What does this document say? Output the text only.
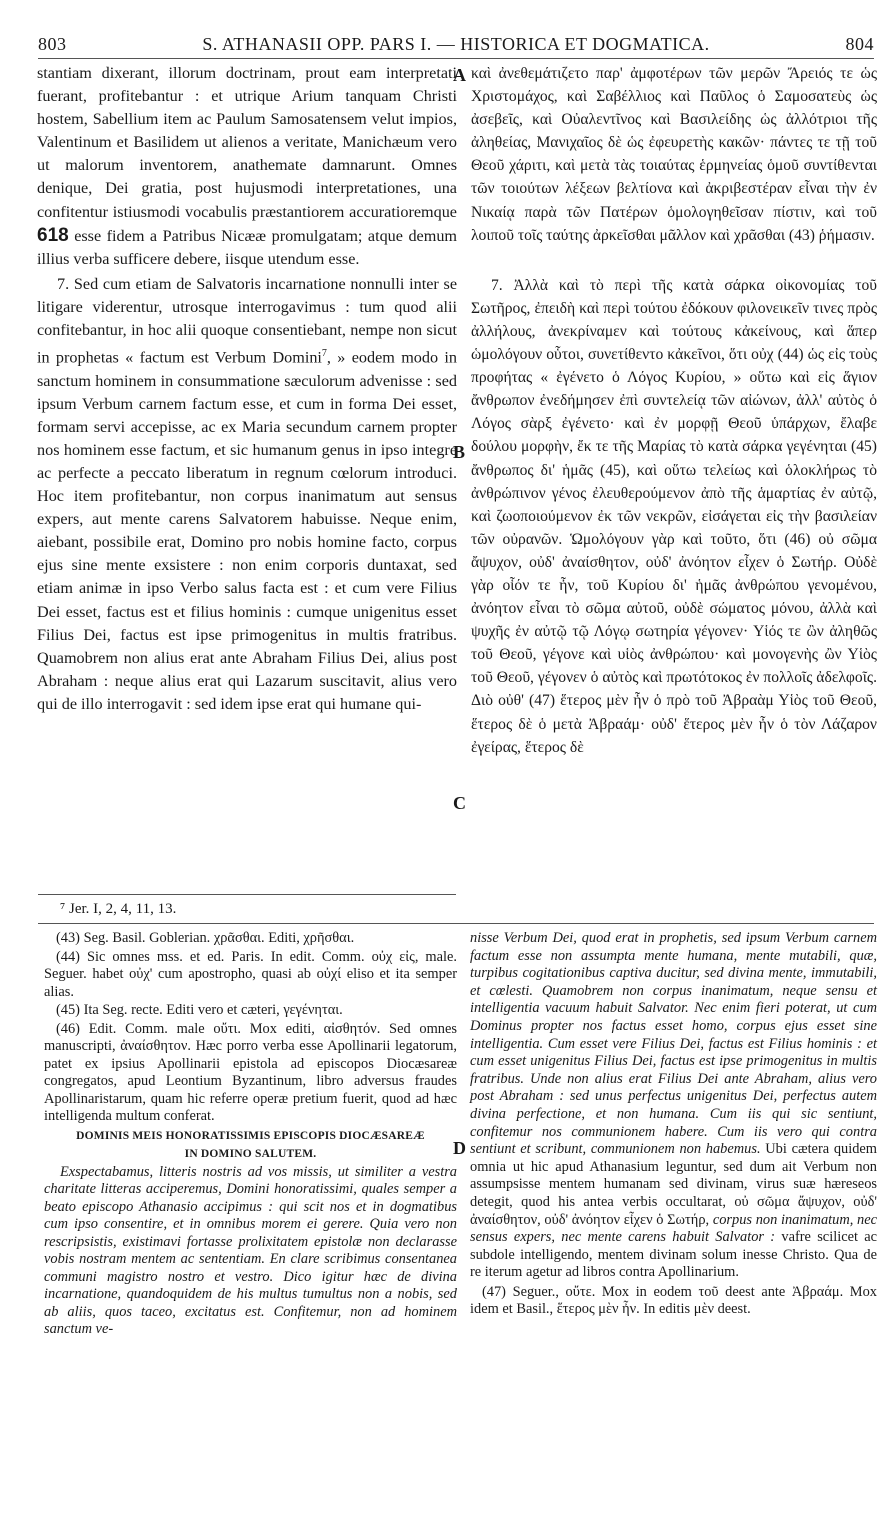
803	S. ATHANASII OPP. PARS I. — HISTORICA ET DOGMATICA.	804

stantiam dixerant, illorum doctrinam, prout eam interpretati fuerant, profitebantur : et utrique Arium tanquam Christi hostem, Sabellium item ac Paulum Samosatensem velut impios, Valentinum et Basilidem ut alienos a veritate, Manichæum vero ut malorum inventorem, anathemate damnarunt. Omnes denique, Dei gratia, post hujusmodi interpretationes, una confitentur istiusmodi vocabulis præstantiorem accuratioremque 618 esse fidem a Patribus Nicææ promulgatam; atque demum illius verba sufficere debere, iisque utendum esse.

7. Sed cum etiam de Salvatoris incarnatione nonnulli inter se litigare viderentur, utrosque interrogavimus : tum quod alii confitebantur, in hoc alii quoque consentiebant, nempe non sicut in prophetas « factum est Verbum Domini$^7$, » eodem modo in sanctum hominem in consummatione sæculorum advenisse : sed ipsum Verbum carnem factum esse, et cum in forma Dei esset, formam servi accepisse, ac ex Maria secundum carnem propter nos hominem esse factum, et sic humanum genus in ipso integre ac perfecte a peccato liberatum in regnum cœlorum introduci. Hoc item profitebantur, non corpus inanimatum aut sensus expers, aut mente carens Salvatorem habuisse. Neque enim, aiebant, possibile erat, Domino pro nobis homine facto, corpus ejus sine mente exsistere : non enim corporis duntaxat, sed etiam animæ in ipso Verbo salus facta est : et cum vere Filius Dei esset, factus est et filius hominis : cumque unigenitus esset Filius Dei, factus est ipse primogenitus in multis fratribus. Quamobrem non alius erat ante Abraham Filius Dei, alius post Abraham : neque alius erat qui Lazarum suscitavit, alius vero qui de illo interrogavit : sed idem ipse erat qui humane qui-

A
B
C
D

καὶ ἀνεθεμάτιζετο παρ' ἀμφοτέρων τῶν μερῶν Ἄρειός τε ὡς Χριστομάχος, καὶ Σαβέλλιος καὶ Παῦλος ὁ Σαμοσατεὺς ὡς ἀσεβεῖς, καὶ Οὐαλεντῖνος καὶ Βασιλείδης ὡς ἀλλότριοι τῆς ἀληθείας, Μανιχαῖος δὲ ὡς ἐφευρετὴς κακῶν· πάντες τε τῇ τοῦ Θεοῦ χάριτι, καὶ μετὰ τὰς τοιαύτας ἑρμηνείας ὁμοῦ συντίθενται τῶν τοιούτων λέξεων βελτίονα καὶ ἀκριβεστέραν εἶναι τὴν ἐν Νικαίᾳ παρὰ τῶν Πατέρων ὁμολογηθεῖσαν πίστιν, καὶ τοῦ λοιποῦ τοῖς ταύτης ἀρκεῖσθαι μᾶλλον καὶ χρᾶσθαι (43) ῥήμασιν.

7. Ἀλλὰ καὶ τὸ περὶ τῆς κατὰ σάρκα οἰκονομίας τοῦ Σωτῆρος, ἐπειδὴ καὶ περὶ τούτου ἐδόκουν φιλονεικεῖν τινες πρὸς ἀλλήλους, ἀνεκρίναμεν καὶ τούτους κἀκείνους, καὶ ἅπερ ὡμολόγουν οὗτοι, συνετίθεντο κἀκεῖνοι, ὅτι οὐχ (44) ὡς εἰς τοὺς προφήτας « ἐγένετο ὁ Λόγος Κυρίου, » οὕτω καὶ εἰς ἅγιον ἄνθρωπον ἐνεδήμησεν ἐπὶ συντελείᾳ τῶν αἰώνων, ἀλλ' αὐτὸς ὁ Λόγος σὰρξ ἐγένετο· καὶ ἐν μορφῇ Θεοῦ ὑπάρχων, ἔλαβε δούλου μορφὴν, ἔκ τε τῆς Μαρίας τὸ κατὰ σάρκα γεγένηται (45) ἄνθρωπος δι' ἡμᾶς (45), καὶ οὕτω τελείως καὶ ὁλοκλήρως τὸ ἀνθρώπινον γένος ἐλευθερούμενον ἀπὸ τῆς ἁμαρτίας ἐν αὐτῷ, καὶ ζωοποιούμενον ἐκ τῶν νεκρῶν, εἰσάγεται εἰς τὴν βασιλείαν τῶν οὐρανῶν. Ὡμολόγουν γὰρ καὶ τοῦτο, ὅτι (46) οὐ σῶμα ἄψυχον, οὐδ' ἀναίσθητον, οὐδ' ἀνόητον εἶχεν ὁ Σωτήρ. Οὐδὲ γὰρ οἷόν τε ἦν, τοῦ Κυρίου δι' ἡμᾶς ἀνθρώπου γενομένου, ἀνόητον εἶναι τὸ σῶμα αὐτοῦ, οὐδὲ σώματος μόνου, ἀλλὰ καὶ ψυχῆς ἐν αὐτῷ τῷ Λόγῳ σωτηρία γέγονεν· Υἱός τε ὢν ἀληθῶς τοῦ Θεοῦ, γέγονε καὶ υἱὸς ἀνθρώπου· καὶ μονογενὴς ὢν Υἱὸς τοῦ Θεοῦ, γέγονεν ὁ αὐτὸς καὶ πρωτότοκος ἐν πολλοῖς ἀδελφοῖς. Διὸ οὐθ' (47) ἕτερος μὲν ἦν ὁ πρὸ τοῦ Ἀβραὰμ Υἱὸς τοῦ Θεοῦ, ἕτερος δὲ ὁ μετὰ Ἀβραάμ· οὐδ' ἕτερος μὲν ἦν ὁ τὸν Λάζαρον ἐγείρας, ἕτερος δὲ

⁷ Jer. I, 2, 4, 11, 13.

(43) Seg. Basil. Goblerian. χρᾶσθαι. Editi, χρῆσθαι.

(44) Sic omnes mss. et ed. Paris. In edit. Comm. οὐχ εἰς, male. Seguer. habet οὐχ' cum apostropho, quasi ab οὐχί eliso et ita semper alias.

(45) Ita Seg. recte. Editi vero et cæteri, γεγένηται.

(46) Edit. Comm. male οὔτι. Mox editi, αἰσθητόν. Sed omnes manuscripti, ἀναίσθητον. Hæc porro verba esse Apollinarii legatorum, patet ex ipsius Apollinarii epistola ad episcopos Diocæsareæ congregatos, apud Leontium Byzantinum, libro adversus fraudes Apollinaristarum, quam hic referre operæ pretium fuerit, quod ad hæc intelligenda multum conferat.

DOMINIS MEIS HONORATISSIMIS EPISCOPIS DIOCÆSAREÆ

IN DOMINO SALUTEM.

Exspectabamus, litteris nostris ad vos missis, ut similiter a vestra charitate litteras acciperemus, Domini honoratissimi, quales semper a beato episcopo Athanasio accipimus : qui scit nos et in dogmatibus cum ipso consentire, et in omnibus morem ei gerere. Quia vero non rescripsistis, existimavi fortasse prolixitatem epistolæ non declarasse vobis nostram mentem ac sententiam. En clare scribimus consentanea communi magistro nostro et vestro. Dico igitur hæc de divina incarnatione, quandoquidem de his multus tumultus non a nobis, sed ab aliis, quos taceo, excitatus est. Confitemur, non ad hominem sanctum ve-

nisse Verbum Dei, quod erat in prophetis, sed ipsum Verbum carnem factum esse non assumpta mente humana, mente mutabili, quæ, turpibus cogitationibus captiva ducitur, sed divina mente, immutabili, et cœlesti. Quamobrem non corpus inanimatum, neque sensu et intelligentia vacuum habuit Salvator. Nec enim fieri poterat, ut cum Dominus propter nos factus esset homo, corpus ejus esset sine intelligentia. Cum esset vere Filius Dei, factus est Filius hominis : et cum esset unigenitus Filius Dei, factus est ipse primogenitus in multis fratribus. Unde non alius erat Filius Dei ante Abraham, alius vero post Abraham : sed unus perfectus unigenitus Dei, perfectus autem divina perfectione, et non humana. Cum iis qui sic sentiunt, confitemur nos communionem habere. Cum iis vero qui contra sentiunt et scribunt, communionem non habemus. Ubi cætera quidem omnia ut hic apud Athanasium leguntur, sed dum ait Verbum non assumpsisse mentem humanam sed divinam, virus suæ hæreseos detegit, quod his antea verbis occultarat, οὐ σῶμα ἄψυχον, οὐδ' ἀναίσθητον, οὐδ' ἀνόητον εἶχεν ὁ Σωτήρ, corpus non inanimatum, nec sensus expers, nec mente carens habuit Salvator : vafre scilicet ac subdole intelligendo, mentem divinam solum inesse Christo. Qua de re iterum agetur ad libros contra Apollinarium.

(47) Seguer., οὔτε. Mox in eodem τοῦ deest ante Ἀβραάμ. Mox idem et Basil., ἕτερος μὲν ἦν. In editis μὲν deest.
